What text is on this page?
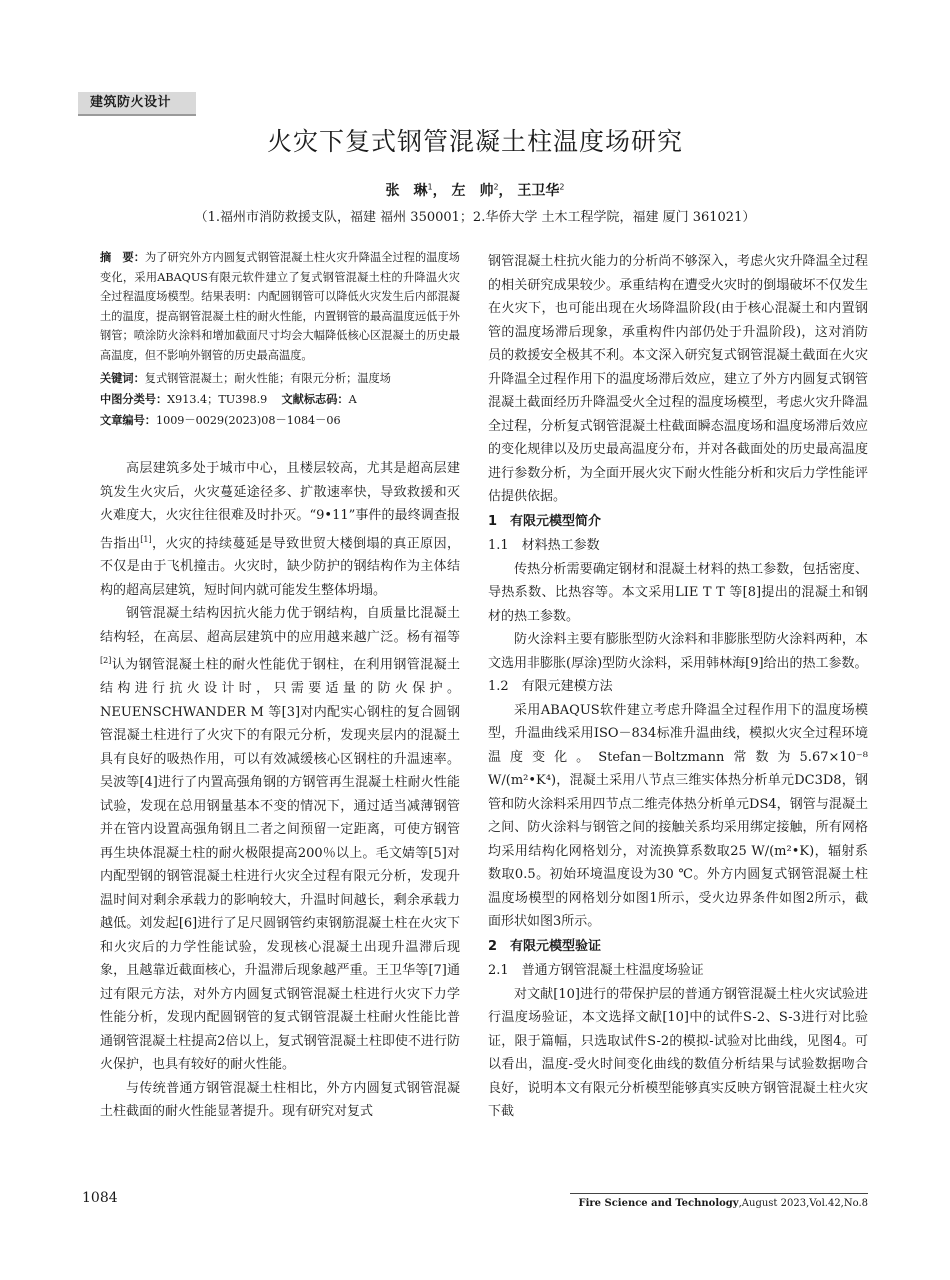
建筑防火设计
火灾下复式钢管混凝土柱温度场研究
张　琳$^1$， 左　帅$^2$， 王卫华$^2$
（1.福州市消防救援支队，福建 福州 350001；2.华侨大学 土木工程学院，福建 厦门 361021）
摘　要：为了研究外方内圆复式钢管混凝土柱火灾升降温全过程的温度场变化，采用ABAQUS有限元软件建立了复式钢管混凝土柱的升降温火灾全过程温度场模型。结果表明：内配圆钢管可以降低火灾发生后内部混凝土的温度，提高钢管混凝土柱的耐火性能，内置钢管的最高温度远低于外钢管；喷涂防火涂料和增加截面尺寸均会大幅降低核心区混凝土的历史最高温度，但不影响外钢管的历史最高温度。
关键词：复式钢管混凝土；耐火性能；有限元分析；温度场
中图分类号：X913.4；TU398.9 文献标志码：A
文章编号：1009－0029(2023)08－1084－06

高层建筑多处于城市中心，且楼层较高，尤其是超高层建筑发生火灾后，火灾蔓延途径多、扩散速率快，导致救援和灭火难度大，火灾往往很难及时扑灭。“9•11”事件的最终调查报告指出[1]，火灾的持续蔓延是导致世贸大楼倒塌的真正原因，不仅是由于飞机撞击。火灾时，缺少防护的钢结构作为主体结构的超高层建筑，短时间内就可能发生整体坍塌。

钢管混凝土结构因抗火能力优于钢结构，自质量比混凝土结构轻，在高层、超高层建筑中的应用越来越广泛。杨有福等[2]认为钢管混凝土柱的耐火性能优于钢柱，在利用钢管混凝土结构进行抗火设计时，只需要适量的防火保护。NEUENSCHWANDER M 等[3]对内配实心钢柱的复合圆钢管混凝土柱进行了火灾下的有限元分析，发现夹层内的混凝土具有良好的吸热作用，可以有效减缓核心区钢柱的升温速率。吴波等[4]进行了内置高强角钢的方钢管再生混凝土柱耐火性能试验，发现在总用钢量基本不变的情况下，通过适当减薄钢管并在管内设置高强角钢且二者之间预留一定距离，可使方钢管再生块体混凝土柱的耐火极限提高200％以上。毛文婧等[5]对内配型钢的钢管混凝土柱进行火灾全过程有限元分析，发现升温时间对剩余承载力的影响较大，升温时间越长，剩余承载力越低。刘发起[6]进行了足尺圆钢管约束钢筋混凝土柱在火灾下和火灾后的力学性能试验，发现核心混凝土出现升温滞后现象，且越靠近截面核心，升温滞后现象越严重。王卫华等[7]通过有限元方法，对外方内圆复式钢管混凝土柱进行火灾下力学性能分析，发现内配圆钢管的复式钢管混凝土柱耐火性能比普通钢管混凝土柱提高2倍以上，复式钢管混凝土柱即使不进行防火保护，也具有较好的耐火性能。

与传统普通方钢管混凝土柱相比，外方内圆复式钢管混凝土柱截面的耐火性能显著提升。现有研究对复式

钢管混凝土柱抗火能力的分析尚不够深入，考虑火灾升降温全过程的相关研究成果较少。承重结构在遭受火灾时的倒塌破坏不仅发生在火灾下，也可能出现在火场降温阶段(由于核心混凝土和内置钢管的温度场滞后现象，承重构件内部仍处于升温阶段)，这对消防员的救援安全极其不利。本文深入研究复式钢管混凝土截面在火灾升降温全过程作用下的温度场滞后效应，建立了外方内圆复式钢管混凝土截面经历升降温受火全过程的温度场模型，考虑火灾升降温全过程，分析复式钢管混凝土柱截面瞬态温度场和温度场滞后效应的变化规律以及历史最高温度分布，并对各截面处的历史最高温度进行参数分析，为全面开展火灾下耐火性能分析和灾后力学性能评估提供依据。

1　有限元模型简介
1.1　材料热工参数

传热分析需要确定钢材和混凝土材料的热工参数，包括密度、导热系数、比热容等。本文采用LIE T T 等[8]提出的混凝土和钢材的热工参数。

防火涂料主要有膨胀型防火涂料和非膨胀型防火涂料两种，本文选用非膨胀(厚涂)型防火涂料，采用韩林海[9]给出的热工参数。

1.2　有限元建模方法

采用ABAQUS软件建立考虑升降温全过程作用下的温度场模型，升温曲线采用ISO－834标准升温曲线，模拟火灾全过程环境温度变化。Stefan－Boltzmann常数为5.67×10⁻⁸ W/(m²•K⁴)，混凝土采用八节点三维实体热分析单元DC3D8，钢管和防火涂料采用四节点二维壳体热分析单元DS4，钢管与混凝土之间、防火涂料与钢管之间的接触关系均采用绑定接触，所有网格均采用结构化网格划分，对流换算系数取25 W/(m²•K)，辐射系数取0.5。初始环境温度设为30 ℃。外方内圆复式钢管混凝土柱温度场模型的网格划分如图1所示，受火边界条件如图2所示，截面形状如图3所示。

2　有限元模型验证
2.1　普通方钢管混凝土柱温度场验证

对文献[10]进行的带保护层的普通方钢管混凝土柱火灾试验进行温度场验证，本文选择文献[10]中的试件S-2、S-3进行对比验证，限于篇幅，只选取试件S-2的模拟-试验对比曲线，见图4。可以看出，温度-受火时间变化曲线的数值分析结果与试验数据吻合良好，说明本文有限元分析模型能够真实反映方钢管混凝土柱火灾下截

1084	Fire Science and Technology,August 2023,Vol.42,No.8
